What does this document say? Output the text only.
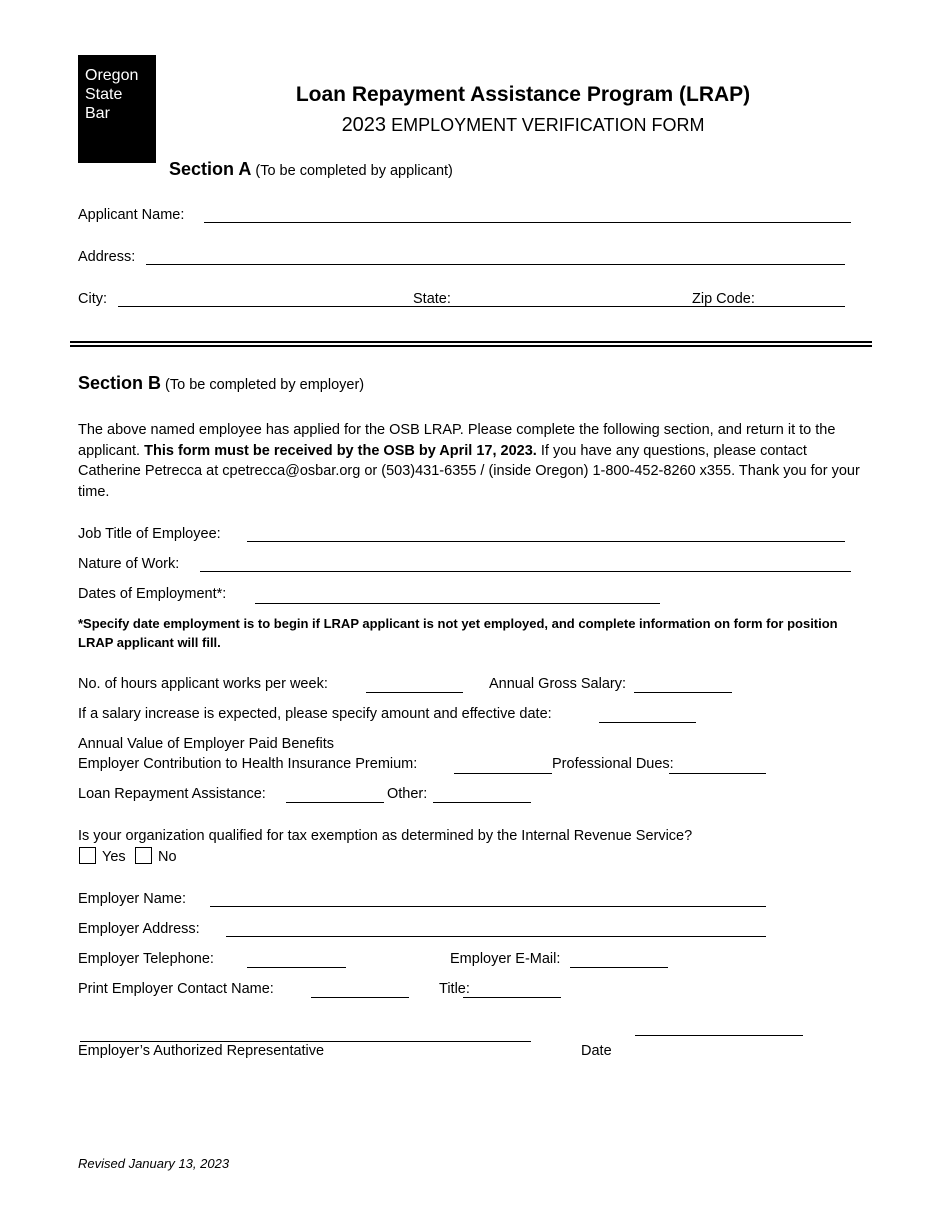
Oregon
State
Bar
Loan Repayment Assistance Program (LRAP)
2023 EMPLOYMENT VERIFICATION FORM
Section A (To be completed by applicant)
Applicant Name:
Address:
City:	State:	Zip Code:
Section B (To be completed by employer)
The above named employee has applied for the OSB LRAP. Please complete the following section, and return it to the applicant. This form must be received by the OSB by April 17, 2023. If you have any questions, please contact Catherine Petrecca at cpetrecca@osbar.org or (503)431-6355 / (inside Oregon) 1-800-452-8260 x355. Thank you for your time.
Job Title of Employee:
Nature of Work:
Dates of Employment*:
*Specify date employment is to begin if LRAP applicant is not yet employed, and complete information on form for position LRAP applicant will fill.
No. of hours applicant works per week:	Annual Gross Salary:
If a salary increase is expected, please specify amount and effective date:
Annual Value of Employer Paid Benefits
Employer Contribution to Health Insurance Premium:	Professional Dues:
Loan Repayment Assistance:	Other:
Is your organization qualified for tax exemption as determined by the Internal Revenue Service?
Yes No
Employer Name:
Employer Address:
Employer Telephone:	Employer E-Mail:
Print Employer Contact Name:	Title:
Employer’s Authorized Representative	Date
Revised January 13, 2023
